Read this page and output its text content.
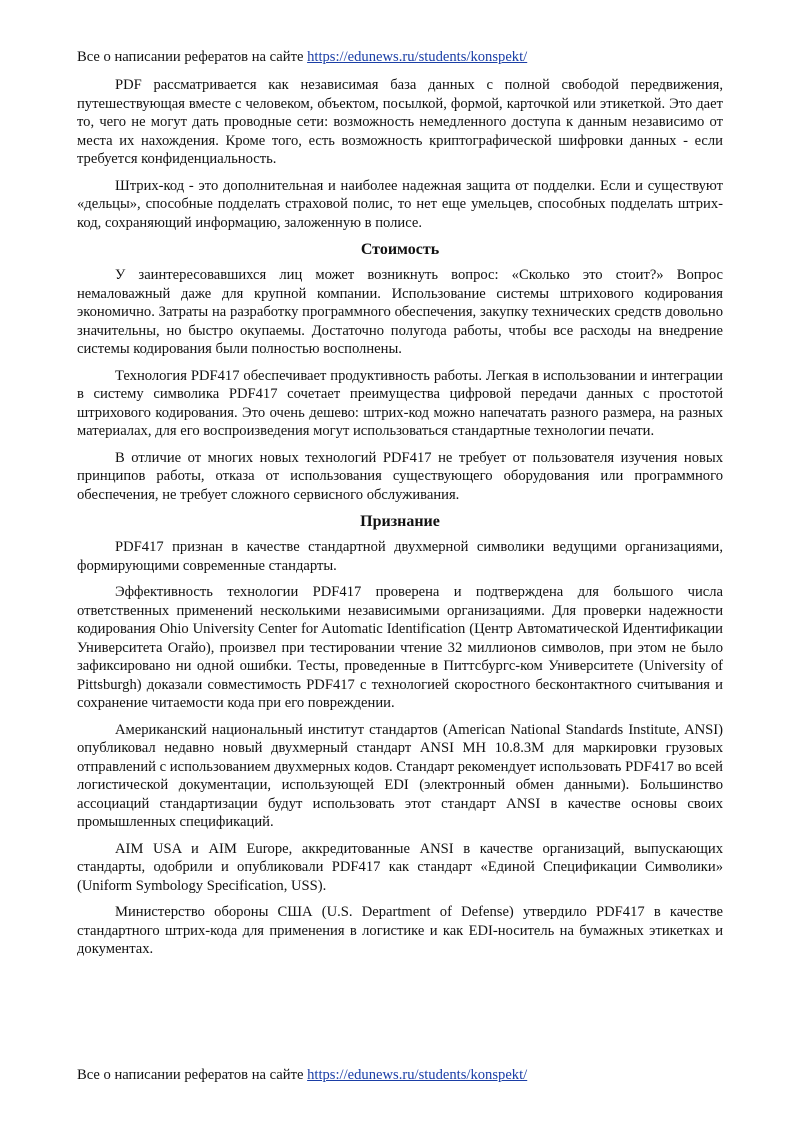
Все о написании рефератов на сайте https://edunews.ru/students/konspekt/

PDF рассматривается как независимая база данных с полной свободой передвижения, путешествующая вместе с человеком, объектом, посылкой, формой, карточкой или этикеткой. Это дает то, чего не могут дать проводные сети: возможность немедленного доступа к данным независимо от места их нахождения. Кроме того, есть возможность криптографической шифровки данных - если требуется конфиденциальность.

Штрих-код - это дополнительная и наиболее надежная защита от подделки. Если и существуют «дельцы», способные подделать страховой полис, то нет еще умельцев, способных подделать штрих-код, сохраняющий информацию, заложенную в полисе.

Стоимость

У заинтересовавшихся лиц может возникнуть вопрос: «Сколько это стоит?» Вопрос немаловажный даже для крупной компании. Использование системы штрихового кодирования экономично. Затраты на разработку программного обеспечения, закупку технических средств довольно значительны, но быстро окупаемы. Достаточно полугода работы, чтобы все расходы на внедрение системы кодирования были полностью восполнены.

Технология PDF417 обеспечивает продуктивность работы. Легкая в использовании и интеграции в систему символика PDF417 сочетает преимущества цифровой передачи данных с простотой штрихового кодирования. Это очень дешево: штрих-код можно напечатать разного размера, на разных материалах, для его воспроизведения могут использоваться стандартные технологии печати.

В отличие от многих новых технологий PDF417 не требует от пользователя изучения новых принципов работы, отказа от использования существующего оборудования или программного обеспечения, не требует сложного сервисного обслуживания.

Признание

PDF417 признан в качестве стандартной двухмерной символики ведущими организациями, формирующими современные стандарты.

Эффективность технологии PDF417 проверена и подтверждена для большого числа ответственных применений несколькими независимыми организациями. Для проверки надежности кодирования Ohio University Center for Automatic Identification (Центр Автоматической Идентификации Университета Огайо), произвел при тестировании чтение 32 миллионов символов, при этом не было зафиксировано ни одной ошибки. Тесты, проведенные в Питтсбургс-ком Университете (University of Pittsburgh) доказали совместимость PDF417 с технологией скоростного бесконтактного считывания и сохранение читаемости кода при его повреждении.

Американский национальный институт стандартов (American National Standards Institute, ANSI) опубликовал недавно новый двухмерный стандарт ANSI MH 10.8.3M для маркировки грузовых отправлений с использованием двухмерных кодов. Стандарт рекомендует использовать PDF417 во всей логистической документации, использующей EDI (электронный обмен данными). Большинство ассоциаций стандартизации будут использовать этот стандарт ANSI в качестве основы своих промышленных спецификаций.

AIM USA и AIM Europe, аккредитованные ANSI в качестве организаций, выпускающих стандарты, одобрили и опубликовали PDF417 как стандарт «Единой Спецификации Символики» (Uniform Symbology Specification, USS).

Министерство обороны США (U.S. Department of Defense) утвердило PDF417 в качестве стандартного штрих-кода для применения в логистике и как EDI-носитель на бумажных этикетках и документах.

Все о написании рефератов на сайте https://edunews.ru/students/konspekt/
